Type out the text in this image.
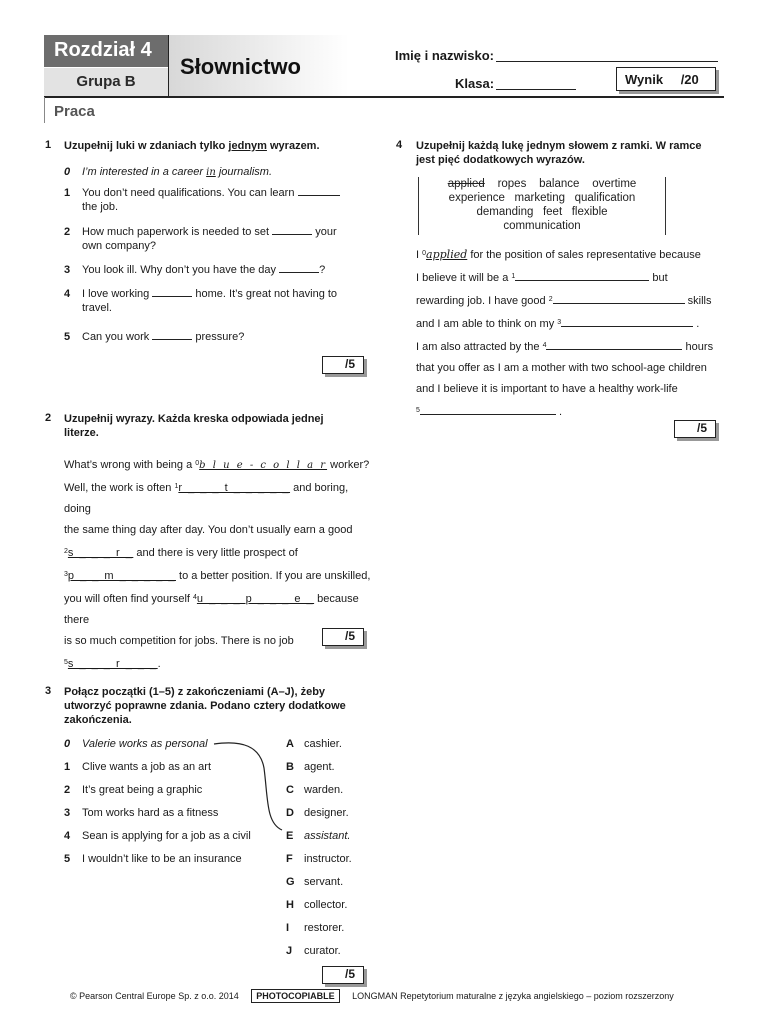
Rozdział 4
Grupa B
Słownictwo
Praca
Imię i nazwisko:
Klasa:	Wynik /20
1 Uzupełnij luki w zdaniach tylko jednym wyrazem.
0 I’m interested in a career in journalism.
1 You don’t need qualifications. You can learn
the job.
2 How much paperwork is needed to set	your
own company?
3 You look ill. Why don’t you have the day	?
4 I love working	home. It’s great not having to
travel.
5 Can you work	pressure?
/5
2 Uzupełnij wyrazy. Każda kreska odpowiada jednej
literze.
What’s wrong with being a $^0$b l u e - c o l l a r worker?
Well, the work is often $^1$r _ _ _ t _ _ _ _ _ and boring, doing
the same thing day after day. You don’t usually earn a good
$^2$s _ _ _ r _ and there is very little prospect of
$^3$p _ _ m _ _ _ _ _ to a better position. If you are unskilled,
you will often find yourself $^4$u _ _ _ p _ _ _ e _ because there
is so much competition for jobs. There is no job
$^5$s _ _ _ r _ _ _.
/5
3 Połącz początki (1–5) z zakończeniami (A–J), żeby
utworzyć poprawne zdania. Podano cztery dodatkowe
zakończenia.
0 Valerie works as personal
1 Clive wants a job as an art
2 It’s great being a graphic
3 Tom works hard as a fitness
4 Sean is applying for a job as a civil
5 I wouldn’t like to be an insurance
A cashier.
B agent.
C warden.
D designer.
E assistant.
F instructor.
G servant.
H collector.
I restorer.
J curator.
/5
4 Uzupełnij każdą lukę jednym słowem z ramki. W ramce
jest pięć dodatkowych wyrazów.
applied ropes balance overtime
experience   marketing   qualification
demanding   feet   flexible
communication
I $^0$applied for the position of sales representative because
I believe it will be a $^1$	but
rewarding job. I have good $^2$	skills
and I am able to think on my $^3$	.
I am also attracted by the $^4$	hours
that you offer as I am a mother with two school-age children
and I believe it is important to have a healthy work-life
$^5$	.
/5
© Pearson Central Europe Sp. z o.o. 2014 PHOTOCOPIABLE LONGMAN Repetytorium maturalne z języka angielskiego – poziom rozszerzony
